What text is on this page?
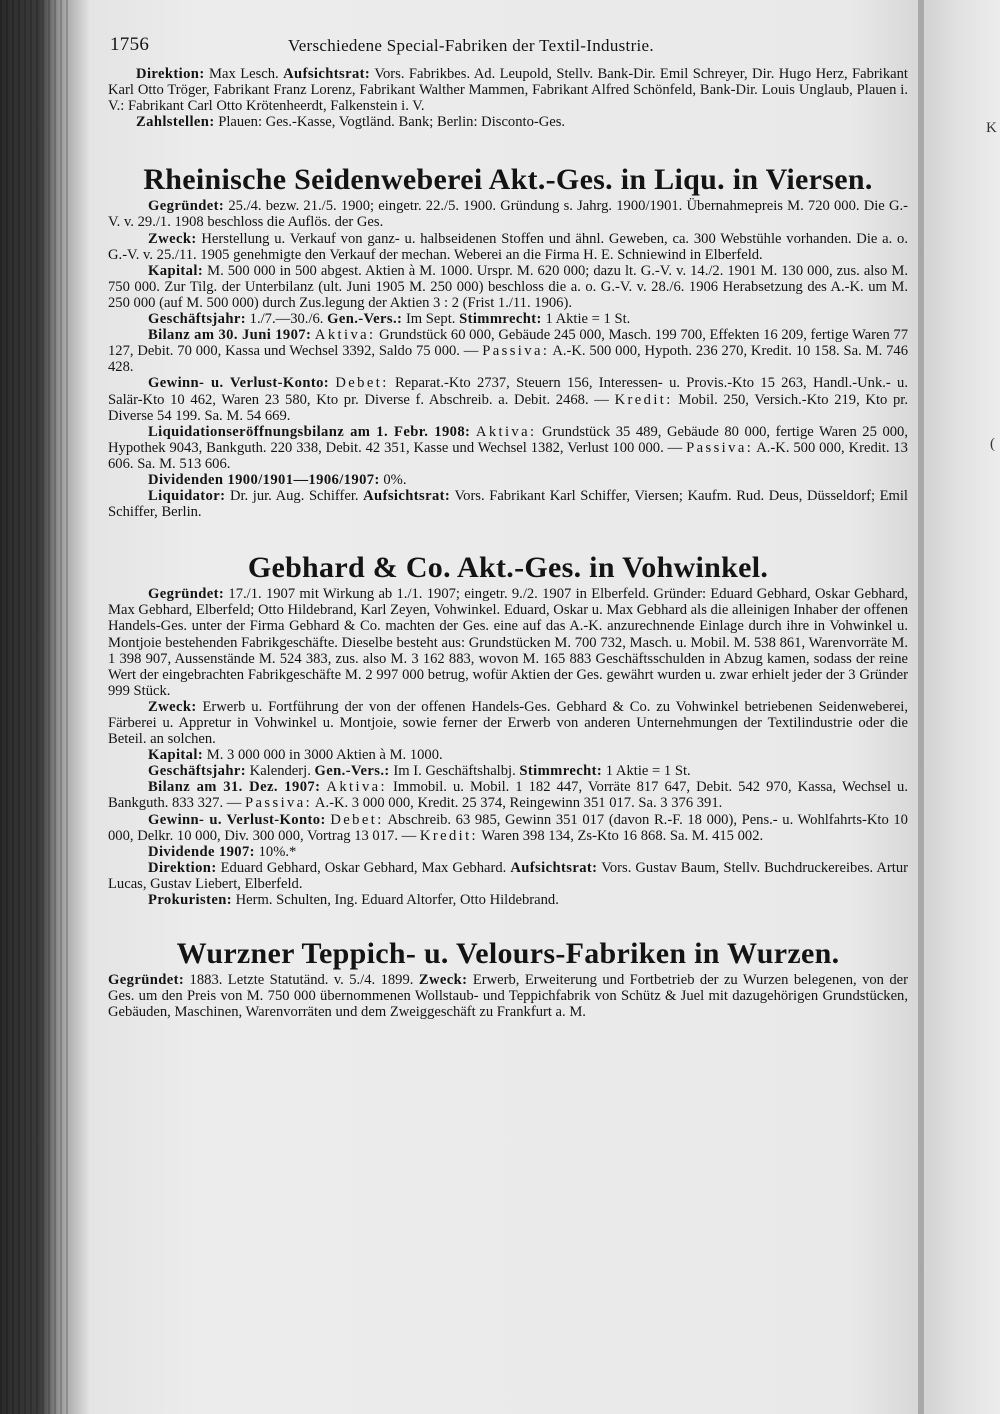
K
(
1756	Verschiedene Special-Fabriken der Textil-Industrie.

Direktion: Max Lesch. Aufsichtsrat: Vors. Fabrikbes. Ad. Leupold, Stellv. Bank-Dir. Emil Schreyer, Dir. Hugo Herz, Fabrikant Karl Otto Tröger, Fabrikant Franz Lorenz, Fabrikant Walther Mammen, Fabrikant Alfred Schönfeld, Bank-Dir. Louis Unglaub, Plauen i. V.: Fabrikant Carl Otto Krötenheerdt, Falkenstein i. V.

Zahlstellen: Plauen: Ges.-Kasse, Vogtländ. Bank; Berlin: Disconto-Ges.

Rheinische Seidenweberei Akt.-Ges. in Liqu. in Viersen.

Gegründet: 25./4. bezw. 21./5. 1900; eingetr. 22./5. 1900. Gründung s. Jahrg. 1900/1901. Übernahmepreis M. 720 000. Die G.-V. v. 29./1. 1908 beschloss die Auflös. der Ges.

Zweck: Herstellung u. Verkauf von ganz- u. halbseidenen Stoffen und ähnl. Geweben, ca. 300 Webstühle vorhanden. Die a. o. G.-V. v. 25./11. 1905 genehmigte den Verkauf der mechan. Weberei an die Firma H. E. Schniewind in Elberfeld.

Kapital: M. 500 000 in 500 abgest. Aktien à M. 1000. Urspr. M. 620 000; dazu lt. G.-V. v. 14./2. 1901 M. 130 000, zus. also M. 750 000. Zur Tilg. der Unterbilanz (ult. Juni 1905 M. 250 000) beschloss die a. o. G.-V. v. 28./6. 1906 Herabsetzung des A.-K. um M. 250 000 (auf M. 500 000) durch Zus.legung der Aktien 3 : 2 (Frist 1./11. 1906).

Geschäftsjahr: 1./7.—30./6. Gen.-Vers.: Im Sept. Stimmrecht: 1 Aktie = 1 St.

Bilanz am 30. Juni 1907: Aktiva: Grundstück 60 000, Gebäude 245 000, Masch. 199 700, Effekten 16 209, fertige Waren 77 127, Debit. 70 000, Kassa und Wechsel 3392, Saldo 75 000. — Passiva: A.-K. 500 000, Hypoth. 236 270, Kredit. 10 158. Sa. M. 746 428.

Gewinn- u. Verlust-Konto: Debet: Reparat.-Kto 2737, Steuern 156, Interessen- u. Provis.-Kto 15 263, Handl.-Unk.- u. Salär-Kto 10 462, Waren 23 580, Kto pr. Diverse f. Abschreib. a. Debit. 2468. — Kredit: Mobil. 250, Versich.-Kto 219, Kto pr. Diverse 54 199. Sa. M. 54 669.

Liquidationseröffnungsbilanz am 1. Febr. 1908: Aktiva: Grundstück 35 489, Gebäude 80 000, fertige Waren 25 000, Hypothek 9043, Bankguth. 220 338, Debit. 42 351, Kasse und Wechsel 1382, Verlust 100 000. — Passiva: A.-K. 500 000, Kredit. 13 606. Sa. M. 513 606.

Dividenden 1900/1901—1906/1907: 0%.

Liquidator: Dr. jur. Aug. Schiffer. Aufsichtsrat: Vors. Fabrikant Karl Schiffer, Viersen; Kaufm. Rud. Deus, Düsseldorf; Emil Schiffer, Berlin.

Gebhard & Co. Akt.-Ges. in Vohwinkel.

Gegründet: 17./1. 1907 mit Wirkung ab 1./1. 1907; eingetr. 9./2. 1907 in Elberfeld. Gründer: Eduard Gebhard, Oskar Gebhard, Max Gebhard, Elberfeld; Otto Hildebrand, Karl Zeyen, Vohwinkel. Eduard, Oskar u. Max Gebhard als die alleinigen Inhaber der offenen Handels-Ges. unter der Firma Gebhard & Co. machten der Ges. eine auf das A.-K. anzurechnende Einlage durch ihre in Vohwinkel u. Montjoie bestehenden Fabrikgeschäfte. Dieselbe besteht aus: Grundstücken M. 700 732, Masch. u. Mobil. M. 538 861, Warenvorräte M. 1 398 907, Aussenstände M. 524 383, zus. also M. 3 162 883, wovon M. 165 883 Geschäftsschulden in Abzug kamen, sodass der reine Wert der eingebrachten Fabrikgeschäfte M. 2 997 000 betrug, wofür Aktien der Ges. gewährt wurden u. zwar erhielt jeder der 3 Gründer 999 Stück.

Zweck: Erwerb u. Fortführung der von der offenen Handels-Ges. Gebhard & Co. zu Vohwinkel betriebenen Seidenweberei, Färberei u. Appretur in Vohwinkel u. Montjoie, sowie ferner der Erwerb von anderen Unternehmungen der Textilindustrie oder die Beteil. an solchen.

Kapital: M. 3 000 000 in 3000 Aktien à M. 1000.

Geschäftsjahr: Kalenderj. Gen.-Vers.: Im I. Geschäftshalbj. Stimmrecht: 1 Aktie = 1 St.

Bilanz am 31. Dez. 1907: Aktiva: Immobil. u. Mobil. 1 182 447, Vorräte 817 647, Debit. 542 970, Kassa, Wechsel u. Bankguth. 833 327. — Passiva: A.-K. 3 000 000, Kredit. 25 374, Reingewinn 351 017. Sa. 3 376 391.

Gewinn- u. Verlust-Konto: Debet: Abschreib. 63 985, Gewinn 351 017 (davon R.-F. 18 000), Pens.- u. Wohlfahrts-Kto 10 000, Delkr. 10 000, Div. 300 000, Vortrag 13 017. — Kredit: Waren 398 134, Zs-Kto 16 868. Sa. M. 415 002.

Dividende 1907: 10%.*

Direktion: Eduard Gebhard, Oskar Gebhard, Max Gebhard. Aufsichtsrat: Vors. Gustav Baum, Stellv. Buchdruckereibes. Artur Lucas, Gustav Liebert, Elberfeld.

Prokuristen: Herm. Schulten, Ing. Eduard Altorfer, Otto Hildebrand.

Wurzner Teppich- u. Velours-Fabriken in Wurzen.

Gegründet: 1883. Letzte Statutänd. v. 5./4. 1899. Zweck: Erwerb, Erweiterung und Fortbetrieb der zu Wurzen belegenen, von der Ges. um den Preis von M. 750 000 übernommenen Wollstaub- und Teppichfabrik von Schütz & Juel mit dazugehörigen Grundstücken, Gebäuden, Maschinen, Warenvorräten und dem Zweiggeschäft zu Frankfurt a. M.
